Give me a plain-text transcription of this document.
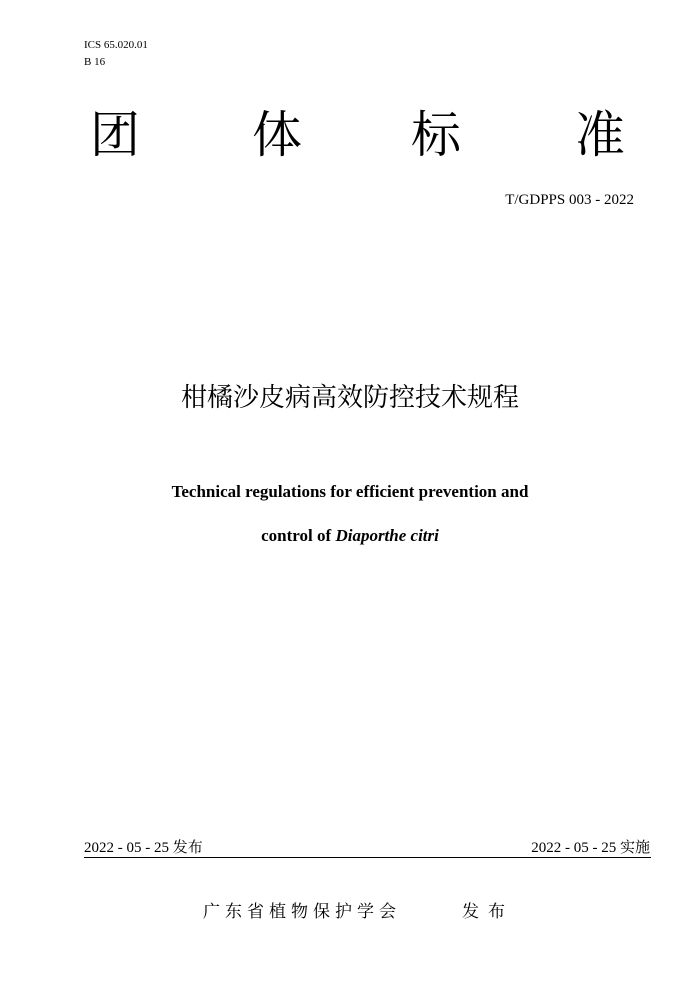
ICS 65.020.01
B 16
团 体 标 准
T/GDPPS 003 - 2022
柑橘沙皮病高效防控技术规程
Technical regulations for efficient prevention and
control of Diaporthe citri
2022 - 05 - 25 发布	2022 - 05 - 25 实施
广东省植物保护学会	发布
